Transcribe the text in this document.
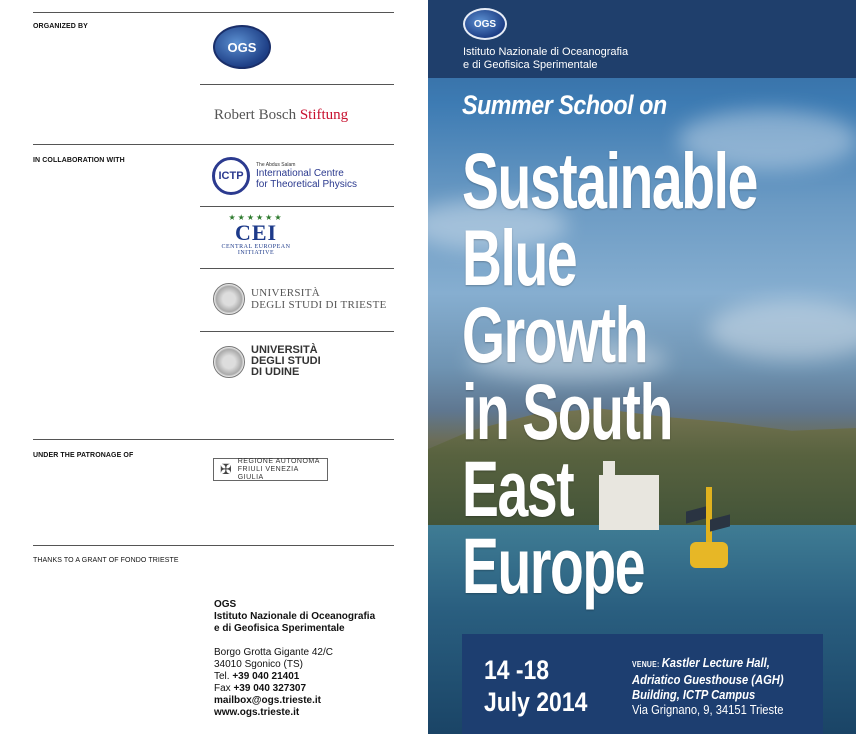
ORGANIZED BY
OGS
Robert Bosch Stiftung
IN COLLABORATION WITH
ICTP
The Abdus Salam
International Centre
for Theoretical Physics
★★★★★★
CEI
CENTRAL EUROPEAN INITIATIVE
UNIVERSITÀ
DEGLI STUDI DI TRIESTE
UNIVERSITÀ
DEGLI STUDI
DI UDINE
UNDER THE PATRONAGE OF
✠ REGIONE AUTONOMA
FRIULI VENEZIA GIULIA
THANKS TO A GRANT OF FONDO TRIESTE
OGS
Istituto Nazionale di Oceanografia
e di Geofisica Sperimentale
Borgo Grotta Gigante 42/C
34010 Sgonico (TS)
Tel. +39 040 21401
Fax +39 040 327307
mailbox@ogs.trieste.it
www.ogs.trieste.it
OGS
Istituto Nazionale di Oceanografia
e di Geofisica Sperimentale
Summer School on
Sustainable
Blue
Growth
in South
East
Europe
14 -18
July 2014
VENUE: Kastler Lecture Hall,
Adriatico Guesthouse (AGH)
Building, ICTP Campus
Via Grignano, 9, 34151 Trieste
